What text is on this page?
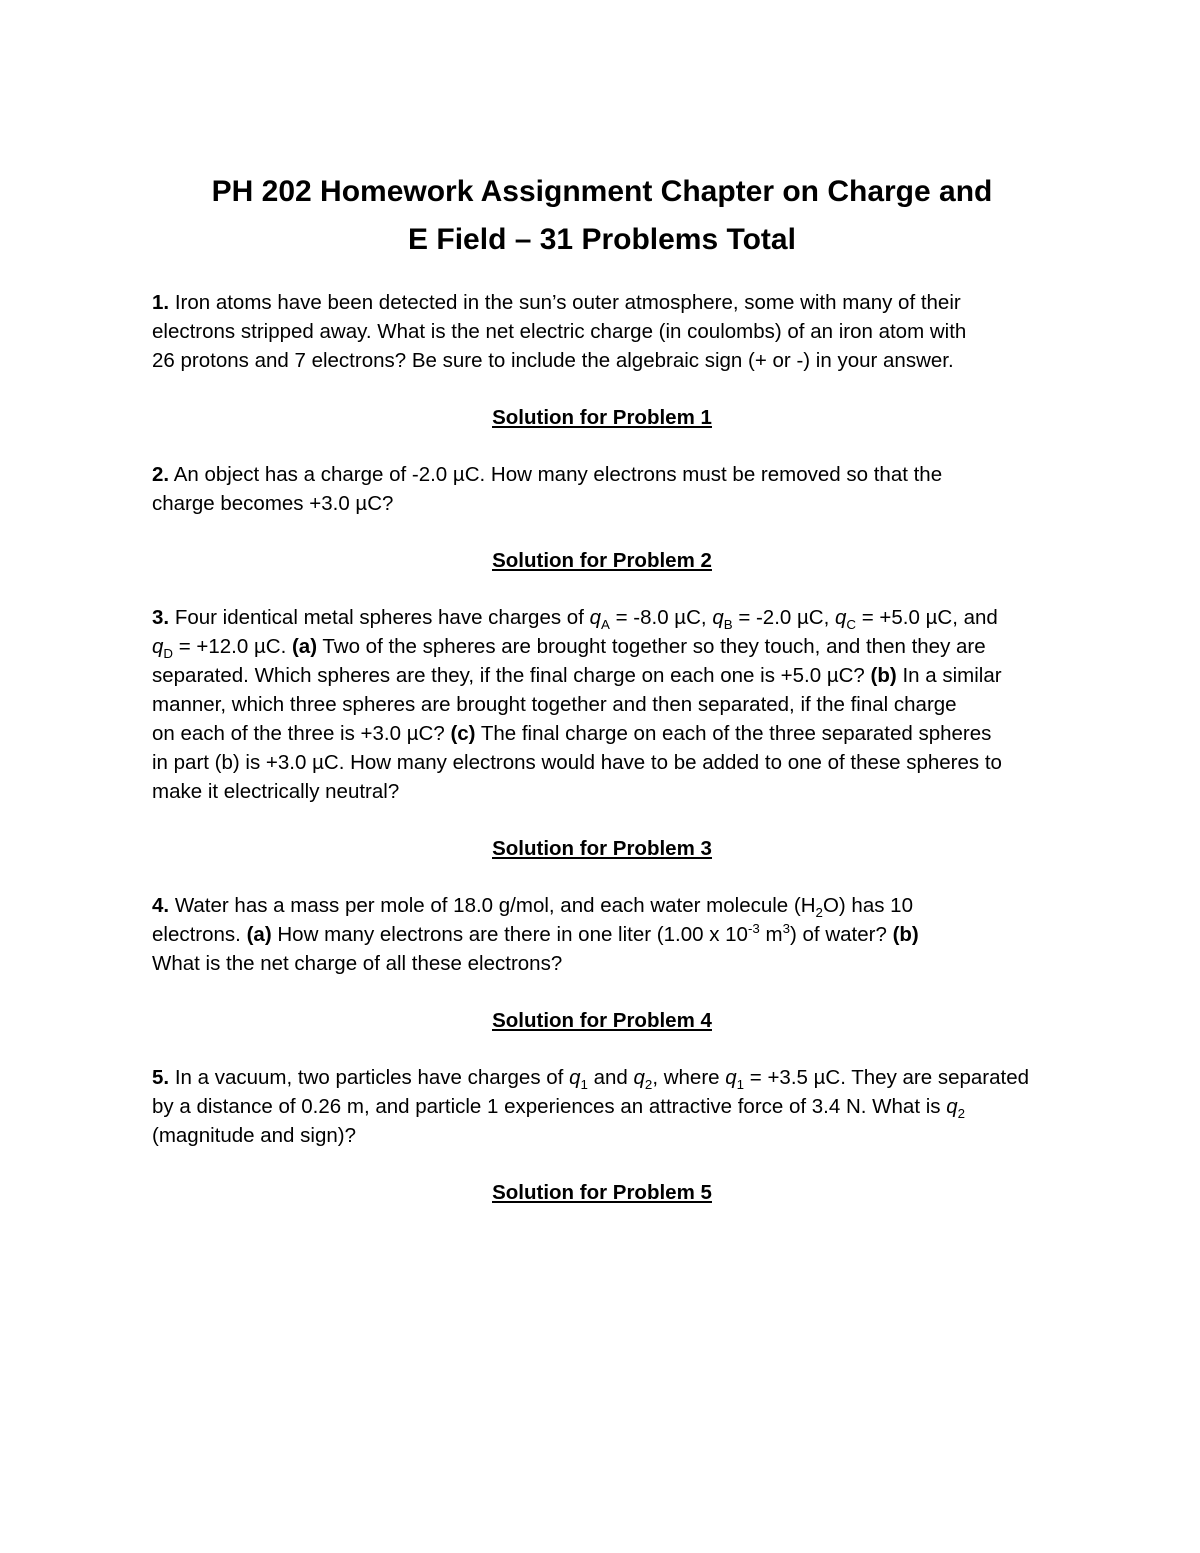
PH 202 Homework Assignment Chapter on Charge and
E Field – 31 Problems Total

1. Iron atoms have been detected in the sun’s outer atmosphere, some with many of their
electrons stripped away. What is the net electric charge (in coulombs) of an iron atom with
26 protons and 7 electrons? Be sure to include the algebraic sign (+ or -) in your answer.

Solution for Problem 1

2. An object has a charge of -2.0 µC. How many electrons must be removed so that the
charge becomes +3.0 µC?

Solution for Problem 2

3. Four identical metal spheres have charges of $q_A = -8.0$ µC, $q_B = -2.0$ µC, $q_C = +5.0$ µC, and
$q_D = +12.0$ µC. (a) Two of the spheres are brought together so they touch, and then they are
separated. Which spheres are they, if the final charge on each one is +5.0 µC? (b) In a similar
manner, which three spheres are brought together and then separated, if the final charge
on each of the three is +3.0 µC? (c) The final charge on each of the three separated spheres
in part (b) is +3.0 µC. How many electrons would have to be added to one of these spheres to
make it electrically neutral?

Solution for Problem 3

4. Water has a mass per mole of 18.0 g/mol, and each water molecule $(H_2O)$ has 10
electrons. (a) How many electrons are there in one liter (1.00 x $10^{-3}$ $m^3$) of water? (b)
What is the net charge of all these electrons?

Solution for Problem 4

5. In a vacuum, two particles have charges of $q_1$ and $q_2$, where $q_1 = +3.5$ µC. They are separated
by a distance of 0.26 m, and particle 1 experiences an attractive force of 3.4 N. What is $q_2$
(magnitude and sign)?

Solution for Problem 5
